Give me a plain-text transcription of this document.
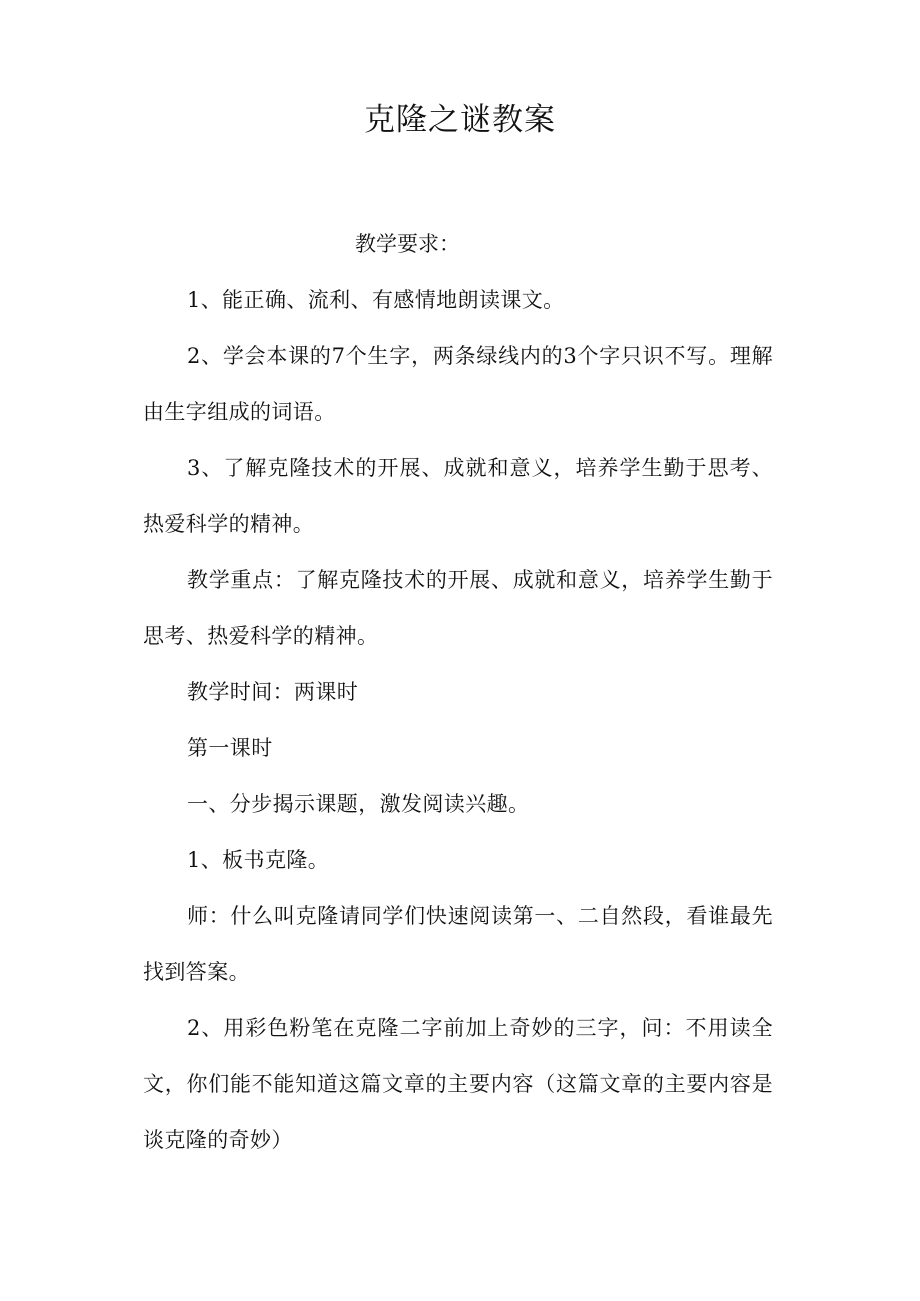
克隆之谜教案

教学要求：

1、能正确、流利、有感情地朗读课文。

2、学会本课的7个生字，两条绿线内的3个字只识不写。理解由生字组成的词语。

3、了解克隆技术的开展、成就和意义，培养学生勤于思考、热爱科学的精神。

教学重点：了解克隆技术的开展、成就和意义，培养学生勤于思考、热爱科学的精神。

教学时间：两课时

第一课时

一、分步揭示课题，激发阅读兴趣。

1、板书克隆。

师：什么叫克隆请同学们快速阅读第一、二自然段，看谁最先找到答案。

2、用彩色粉笔在克隆二字前加上奇妙的三字，问：不用读全文，你们能不能知道这篇文章的主要内容（这篇文章的主要内容是谈克隆的奇妙）
